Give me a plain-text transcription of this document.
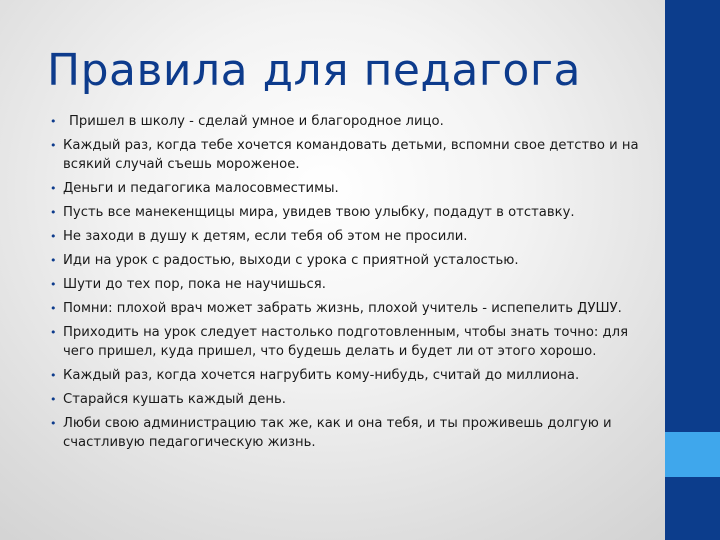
Правила для педагога
• Пришел в школу - сделай умное и благородное лицо.
• Каждый раз, когда тебе хочется командовать детьми, вспомни свое детство и на всякий случай съешь мороженое.
• Деньги и педагогика малосовместимы.
• Пусть все манекенщицы мира, увидев твою улыбку, подадут в отставку.
• Не заходи в душу к детям, если тебя об этом не просили.
• Иди на урок с радостью, выходи с урока с приятной усталостью.
• Шути до тех пор, пока не научишься.
• Помни: плохой врач может забрать жизнь, плохой учитель - испепелить ДУШУ.
• Приходить на урок следует настолько подготовленным, чтобы знать точно: для чего пришел, куда пришел, что будешь делать и будет ли от этого хорошо.
• Каждый раз, когда хочется нагрубить кому-нибудь, считай до миллиона.
• Старайся кушать каждый день.
• Люби свою администрацию так же, как и она тебя, и ты проживешь долгую и счастливую педагогическую жизнь.
